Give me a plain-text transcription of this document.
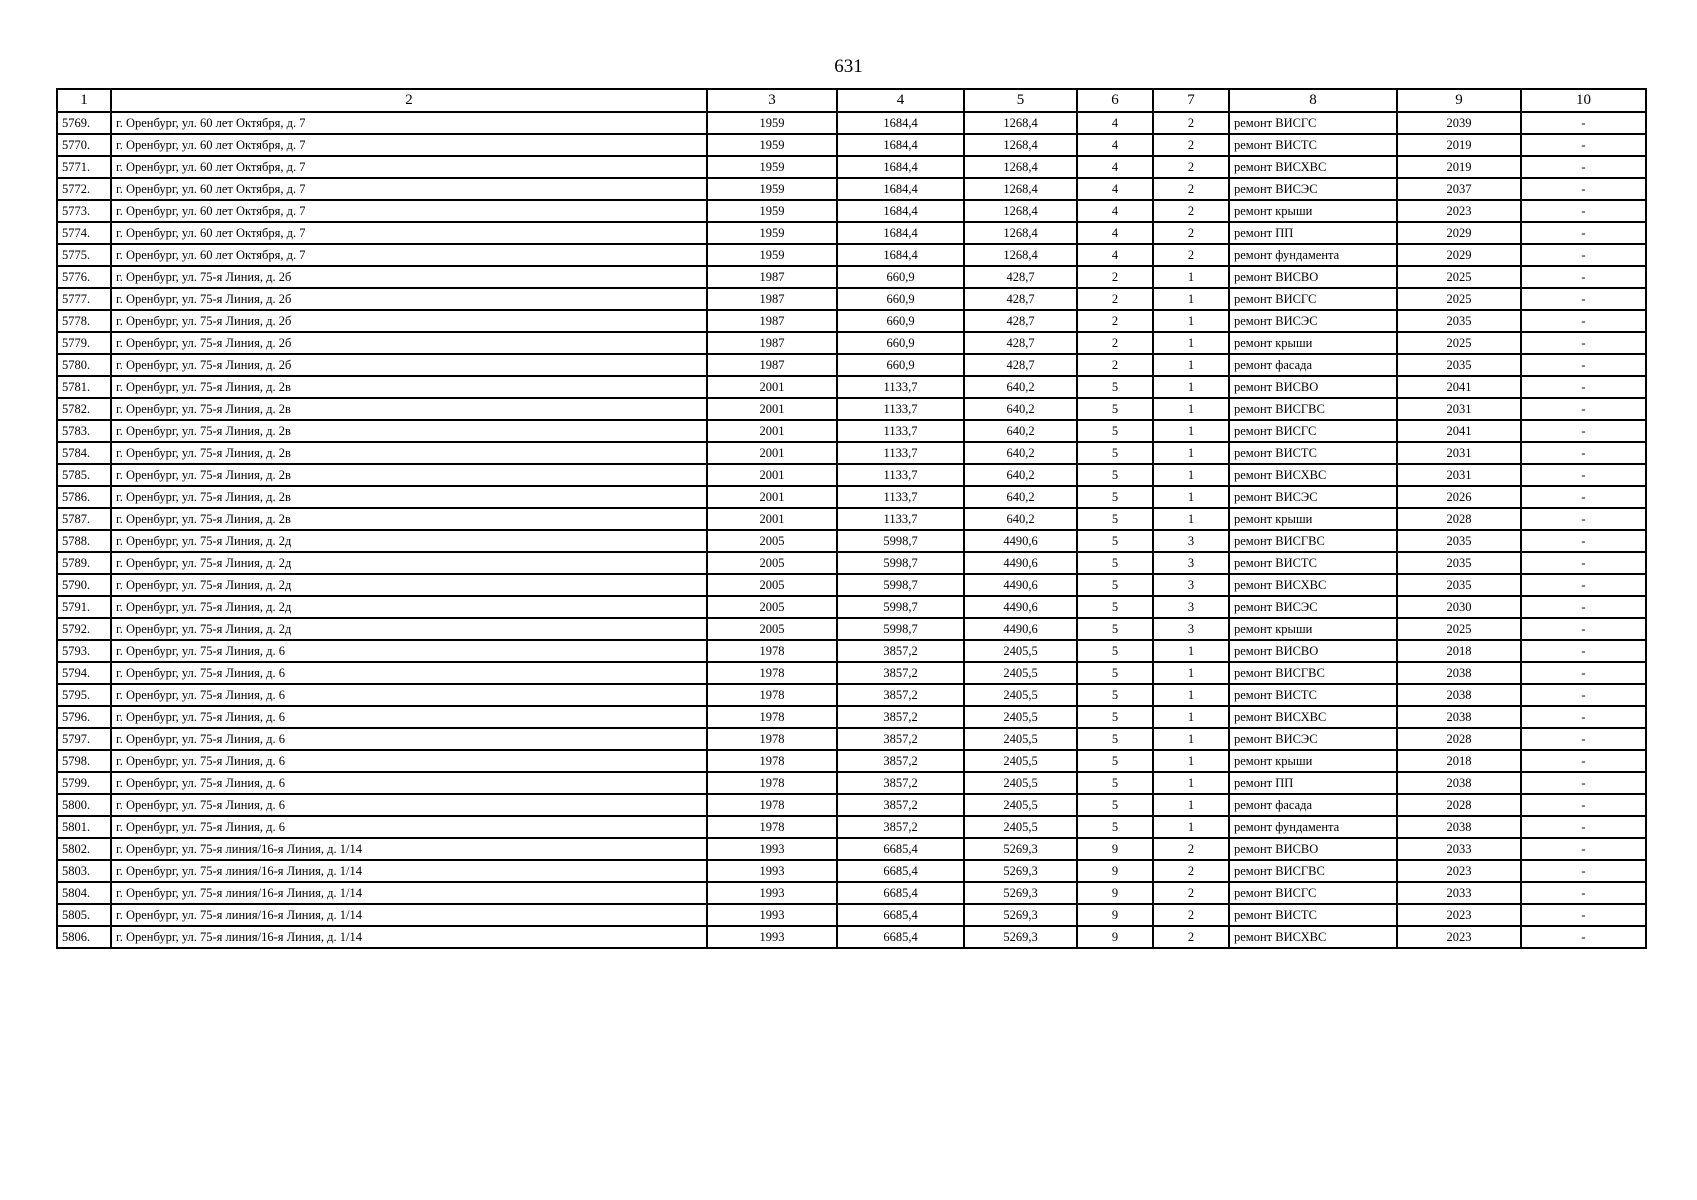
631
1	2	3	4	5	6	7	8	9	10
5769.	г. Оренбург, ул. 60 лет Октября, д. 7	1959	1684,4	1268,4	4	2	ремонт ВИСГС	2039	-
5770.	г. Оренбург, ул. 60 лет Октября, д. 7	1959	1684,4	1268,4	4	2	ремонт ВИСТС	2019	-
5771.	г. Оренбург, ул. 60 лет Октября, д. 7	1959	1684,4	1268,4	4	2	ремонт ВИСХВС	2019	-
5772.	г. Оренбург, ул. 60 лет Октября, д. 7	1959	1684,4	1268,4	4	2	ремонт ВИСЭС	2037	-
5773.	г. Оренбург, ул. 60 лет Октября, д. 7	1959	1684,4	1268,4	4	2	ремонт крыши	2023	-
5774.	г. Оренбург, ул. 60 лет Октября, д. 7	1959	1684,4	1268,4	4	2	ремонт ПП	2029	-
5775.	г. Оренбург, ул. 60 лет Октября, д. 7	1959	1684,4	1268,4	4	2	ремонт фундамента	2029	-
5776.	г. Оренбург, ул. 75-я Линия, д. 2б	1987	660,9	428,7	2	1	ремонт ВИСВО	2025	-
5777.	г. Оренбург, ул. 75-я Линия, д. 2б	1987	660,9	428,7	2	1	ремонт ВИСГС	2025	-
5778.	г. Оренбург, ул. 75-я Линия, д. 2б	1987	660,9	428,7	2	1	ремонт ВИСЭС	2035	-
5779.	г. Оренбург, ул. 75-я Линия, д. 2б	1987	660,9	428,7	2	1	ремонт крыши	2025	-
5780.	г. Оренбург, ул. 75-я Линия, д. 2б	1987	660,9	428,7	2	1	ремонт фасада	2035	-
5781.	г. Оренбург, ул. 75-я Линия, д. 2в	2001	1133,7	640,2	5	1	ремонт ВИСВО	2041	-
5782.	г. Оренбург, ул. 75-я Линия, д. 2в	2001	1133,7	640,2	5	1	ремонт ВИСГВС	2031	-
5783.	г. Оренбург, ул. 75-я Линия, д. 2в	2001	1133,7	640,2	5	1	ремонт ВИСГС	2041	-
5784.	г. Оренбург, ул. 75-я Линия, д. 2в	2001	1133,7	640,2	5	1	ремонт ВИСТС	2031	-
5785.	г. Оренбург, ул. 75-я Линия, д. 2в	2001	1133,7	640,2	5	1	ремонт ВИСХВС	2031	-
5786.	г. Оренбург, ул. 75-я Линия, д. 2в	2001	1133,7	640,2	5	1	ремонт ВИСЭС	2026	-
5787.	г. Оренбург, ул. 75-я Линия, д. 2в	2001	1133,7	640,2	5	1	ремонт крыши	2028	-
5788.	г. Оренбург, ул. 75-я Линия, д. 2д	2005	5998,7	4490,6	5	3	ремонт ВИСГВС	2035	-
5789.	г. Оренбург, ул. 75-я Линия, д. 2д	2005	5998,7	4490,6	5	3	ремонт ВИСТС	2035	-
5790.	г. Оренбург, ул. 75-я Линия, д. 2д	2005	5998,7	4490,6	5	3	ремонт ВИСХВС	2035	-
5791.	г. Оренбург, ул. 75-я Линия, д. 2д	2005	5998,7	4490,6	5	3	ремонт ВИСЭС	2030	-
5792.	г. Оренбург, ул. 75-я Линия, д. 2д	2005	5998,7	4490,6	5	3	ремонт крыши	2025	-
5793.	г. Оренбург, ул. 75-я Линия, д. 6	1978	3857,2	2405,5	5	1	ремонт ВИСВО	2018	-
5794.	г. Оренбург, ул. 75-я Линия, д. 6	1978	3857,2	2405,5	5	1	ремонт ВИСГВС	2038	-
5795.	г. Оренбург, ул. 75-я Линия, д. 6	1978	3857,2	2405,5	5	1	ремонт ВИСТС	2038	-
5796.	г. Оренбург, ул. 75-я Линия, д. 6	1978	3857,2	2405,5	5	1	ремонт ВИСХВС	2038	-
5797.	г. Оренбург, ул. 75-я Линия, д. 6	1978	3857,2	2405,5	5	1	ремонт ВИСЭС	2028	-
5798.	г. Оренбург, ул. 75-я Линия, д. 6	1978	3857,2	2405,5	5	1	ремонт крыши	2018	-
5799.	г. Оренбург, ул. 75-я Линия, д. 6	1978	3857,2	2405,5	5	1	ремонт ПП	2038	-
5800.	г. Оренбург, ул. 75-я Линия, д. 6	1978	3857,2	2405,5	5	1	ремонт фасада	2028	-
5801.	г. Оренбург, ул. 75-я Линия, д. 6	1978	3857,2	2405,5	5	1	ремонт фундамента	2038	-
5802.	г. Оренбург, ул. 75-я линия/16-я Линия, д. 1/14	1993	6685,4	5269,3	9	2	ремонт ВИСВО	2033	-
5803.	г. Оренбург, ул. 75-я линия/16-я Линия, д. 1/14	1993	6685,4	5269,3	9	2	ремонт ВИСГВС	2023	-
5804.	г. Оренбург, ул. 75-я линия/16-я Линия, д. 1/14	1993	6685,4	5269,3	9	2	ремонт ВИСГС	2033	-
5805.	г. Оренбург, ул. 75-я линия/16-я Линия, д. 1/14	1993	6685,4	5269,3	9	2	ремонт ВИСТС	2023	-
5806.	г. Оренбург, ул. 75-я линия/16-я Линия, д. 1/14	1993	6685,4	5269,3	9	2	ремонт ВИСХВС	2023	-
